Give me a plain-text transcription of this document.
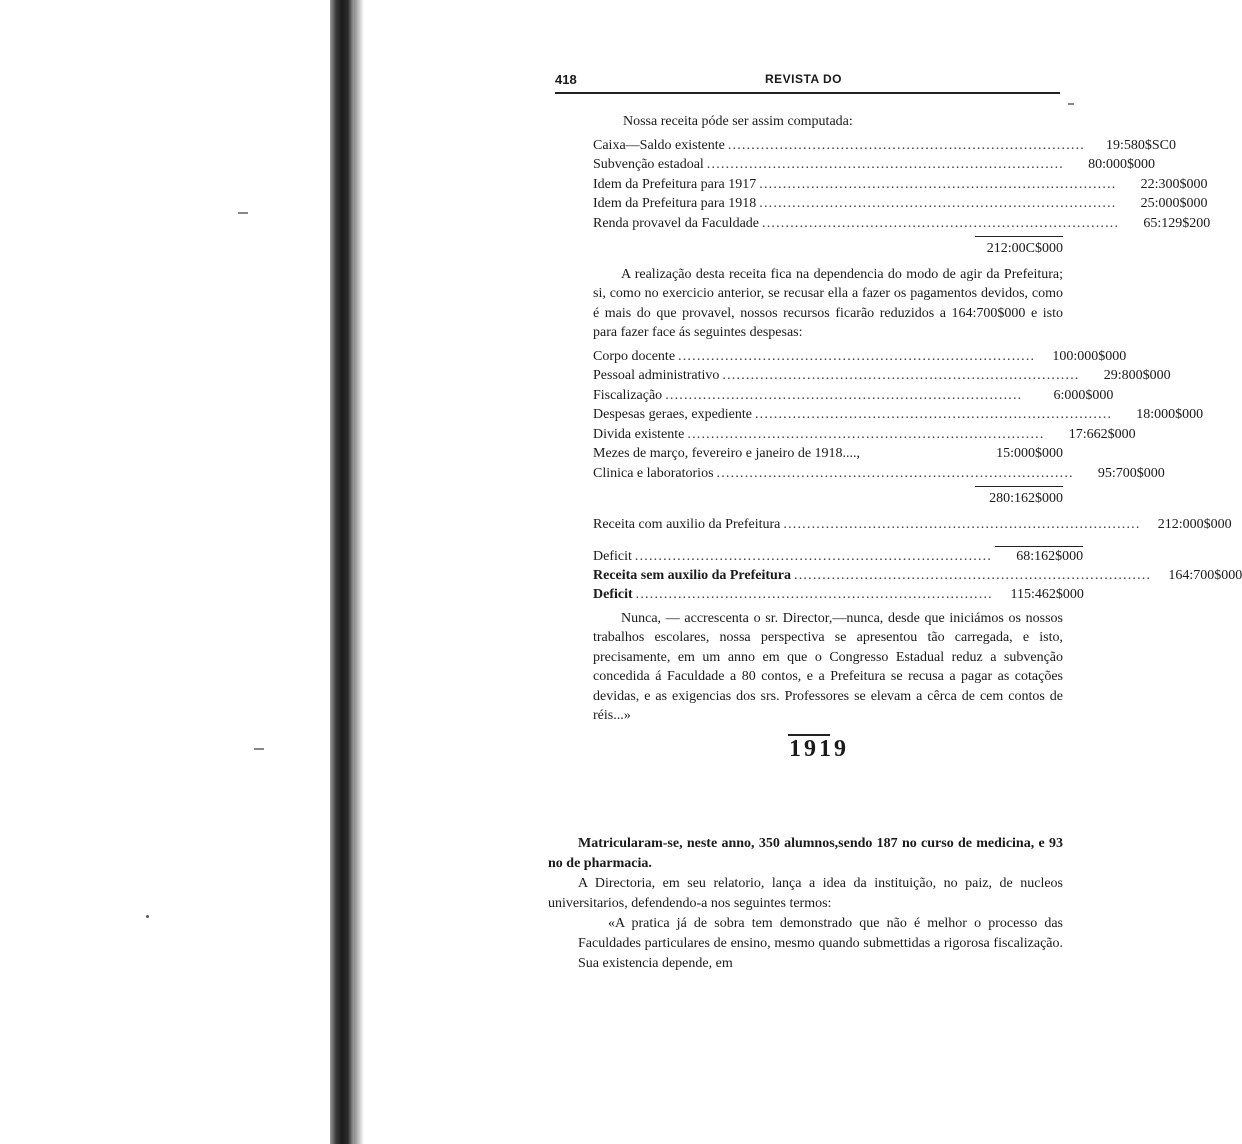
418	REVISTA DO

Nossa receita póde ser assim computada:

Caixa—Saldo existente ............................................................................	19:580$SC0
Subvenção estadoal ............................................................................	80:000$000
Idem da Prefeitura para 1917 ............................................................................	22:300$000
Idem da Prefeitura para 1918 ............................................................................	25:000$000
Renda provavel da Faculdade ............................................................................	65:129$200
212:00C$000

A realização desta receita fica na dependencia do modo de agir da Prefeitura; si, como no exercicio anterior, se recusar ella a fazer os pagamentos devidos, como é mais do que provavel, nossos recursos ficarão reduzidos a 164:700$000 e isto para fazer face ás seguintes despesas:

Corpo docente ............................................................................	100:000$000
Pessoal administrativo ............................................................................	29:800$000
Fiscalização ............................................................................	6:000$000
Despesas geraes, expediente ............................................................................	18:000$000
Divida existente ............................................................................	17:662$000
Mezes de março, fevereiro e janeiro de 1918....,	15:000$000
Clinica e laboratorios ............................................................................	95:700$000
280:162$000
Receita com auxilio da Prefeitura ............................................................................	212:000$000
Deficit ............................................................................	68:162$000
Receita sem auxilio da Prefeitura ............................................................................	164:700$000
Deficit ............................................................................	115:462$000

Nunca, — accrescenta o sr. Director,—nunca, desde que iniciámos os nossos trabalhos escolares, nossa perspectiva se apresentou tão carregada, e isto, precisamente, em um anno em que o Congresso Estadual reduz a subvenção concedida á Faculdade a 80 contos, e a Prefeitura se recusa a pagar as cotações devidas, e as exigencias dos srs. Professores se elevam a cêrca de cem contos de réis...»

1919

Matricularam-se, neste anno, 350 alumnos,sendo 187 no curso de medicina, e 93 no de pharmacia.

A Directoria, em seu relatorio, lança a idea da instituição, no paiz, de nucleos universitarios, defendendo-a nos seguintes termos:

«A pratica já de sobra tem demonstrado que não é melhor o processo das Faculdades particulares de ensino, mesmo quando submettidas a rigorosa fiscalização. Sua existencia depende, em
